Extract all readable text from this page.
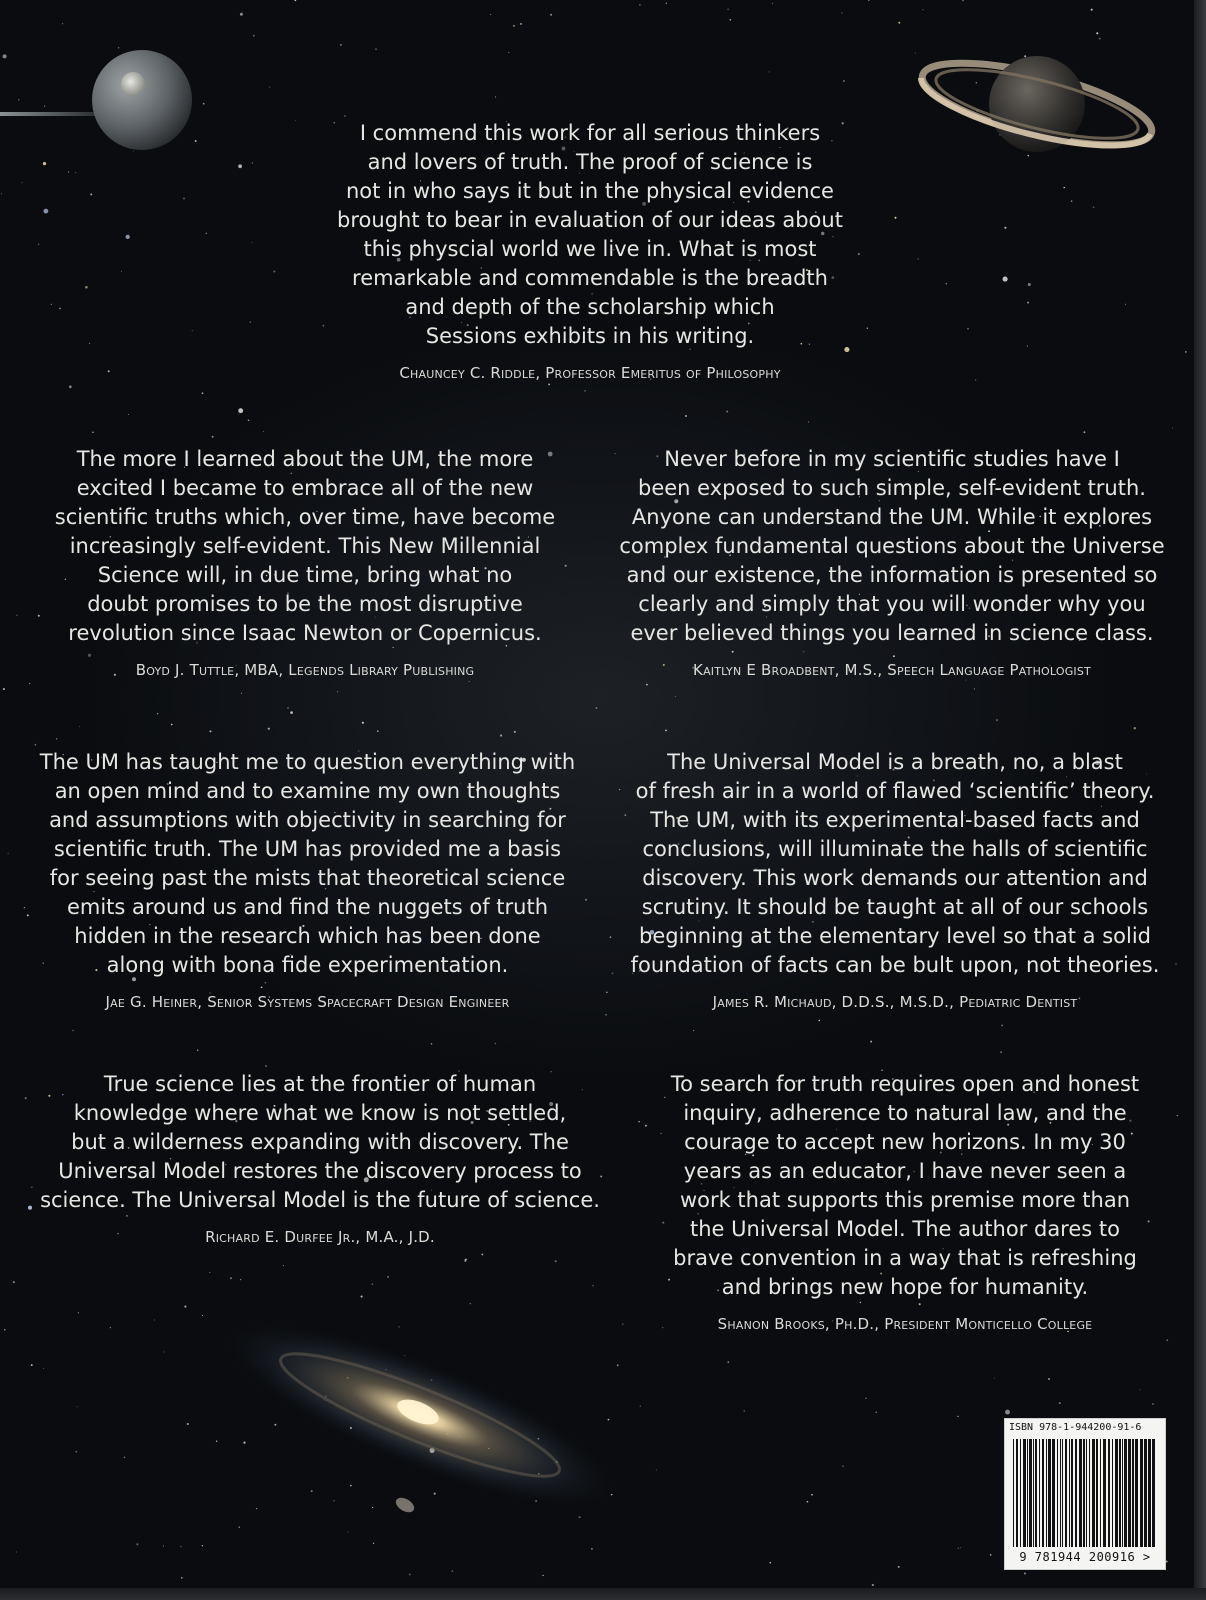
I commend this work for all serious thinkers
and lovers of truth. The proof of science is
not in who says it but in the physical evidence
brought to bear in evaluation of our ideas about
this physcial world we live in. What is most
remarkable and commendable is the breadth
and depth of the scholarship which
Sessions exhibits in his writing.

Chauncey C. Riddle, Professor Emeritus of Philosophy

The more I learned about the UM, the more
excited I became to embrace all of the new
scientific truths which, over time, have become
increasingly self-evident. This New Millennial
Science will, in due time, bring what no
doubt promises to be the most disruptive
revolution since Isaac Newton or Copernicus.

Boyd J. Tuttle, MBA, Legends Library Publishing

Never before in my scientific studies have I
been exposed to such simple, self-evident truth.
Anyone can understand the UM. While it explores
complex fundamental questions about the Universe
and our existence, the information is presented so
clearly and simply that you will wonder why you
ever believed things you learned in science class.

Kaitlyn E Broadbent, M.S., Speech Language Pathologist

The UM has taught me to question everything with
an open mind and to examine my own thoughts
and assumptions with objectivity in searching for
scientific truth. The UM has provided me a basis
for seeing past the mists that theoretical science
emits around us and find the nuggets of truth
hidden in the research which has been done
along with bona fide experimentation.

Jae G. Heiner, Senior Systems Spacecraft Design Engineer

The Universal Model is a breath, no, a blast
of fresh air in a world of flawed ‘scientific’ theory.
The UM, with its experimental-based facts and
conclusions, will illuminate the halls of scientific
discovery. This work demands our attention and
scrutiny. It should be taught at all of our schools
beginning at the elementary level so that a solid
foundation of facts can be bult upon, not theories.

James R. Michaud, D.D.S., M.S.D., Pediatric Dentist

True science lies at the frontier of human
knowledge where what we know is not settled,
but a wilderness expanding with discovery. The
Universal Model restores the discovery process to
science. The Universal Model is the future of science.

Richard E. Durfee Jr., M.A., J.D.

To search for truth requires open and honest
inquiry, adherence to natural law, and the
courage to accept new horizons. In my 30
years as an educator, I have never seen a
work that supports this premise more than
the Universal Model. The author dares to
brave convention in a way that is refreshing
and brings new hope for humanity.

Shanon Brooks, Ph.D., President Monticello College
ISBN 978-1-944200-91-6
9 781944 200916 >
